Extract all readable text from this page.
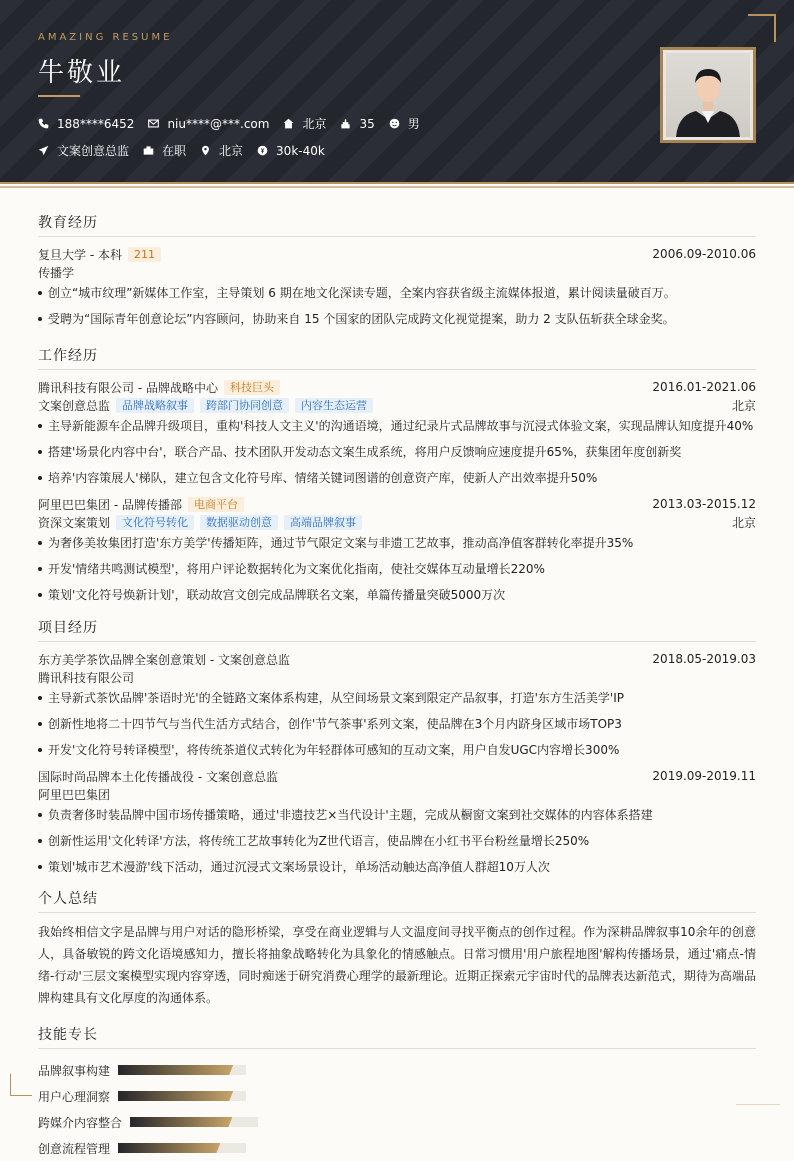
AMAZING RESUME
牛敬业
188****6452	niu****@***.com	北京	35	男
文案创意总监	在职	北京	30k-40k
教育经历
复旦大学 - 本科	211	2006.09-2010.06
传播学
创立“城市纹理”新媒体工作室，主导策划 6 期在地文化深读专题，全案内容获省级主流媒体报道，累计阅读量破百万。
受聘为“国际青年创意论坛”内容顾问，协助来自 15 个国家的团队完成跨文化视觉提案，助力 2 支队伍斩获全球金奖。
工作经历
腾讯科技有限公司 - 品牌战略中心	科技巨头	2016.01-2021.06
文案创意总监	品牌战略叙事	跨部门协同创意	内容生态运营	北京
主导新能源车企品牌升级项目，重构'科技人文主义'的沟通语境，通过纪录片式品牌故事与沉浸式体验文案，实现品牌认知度提升40%
搭建'场景化内容中台'，联合产品、技术团队开发动态文案生成系统，将用户反馈响应速度提升65%，获集团年度创新奖
培养'内容策展人'梯队，建立包含文化符号库、情绪关键词图谱的创意资产库，使新人产出效率提升50%
阿里巴巴集团 - 品牌传播部	电商平台	2013.03-2015.12
资深文案策划	文化符号转化	数据驱动创意	高端品牌叙事	北京
为奢侈美妆集团打造'东方美学'传播矩阵，通过节气限定文案与非遗工艺故事，推动高净值客群转化率提升35%
开发'情绪共鸣测试模型'，将用户评论数据转化为文案优化指南，使社交媒体互动量增长220%
策划'文化符号焕新计划'，联动故宫文创完成品牌联名文案，单篇传播量突破5000万次
项目经历
东方美学茶饮品牌全案创意策划 - 文案创意总监	2018.05-2019.03
腾讯科技有限公司
主导新式茶饮品牌'茶语时光'的全链路文案体系构建，从空间场景文案到限定产品叙事，打造'东方生活美学'IP
创新性地将二十四节气与当代生活方式结合，创作'节气茶事'系列文案，使品牌在3个月内跻身区域市场TOP3
开发'文化符号转译模型'，将传统茶道仪式转化为年轻群体可感知的互动文案，用户自发UGC内容增长300%
国际时尚品牌本土化传播战役 - 文案创意总监	2019.09-2019.11
阿里巴巴集团
负责奢侈时装品牌中国市场传播策略，通过'非遗技艺×当代设计'主题，完成从橱窗文案到社交媒体的内容体系搭建
创新性运用'文化转译'方法，将传统工艺故事转化为Z世代语言，使品牌在小红书平台粉丝量增长250%
策划'城市艺术漫游'线下活动，通过沉浸式文案场景设计，单场活动触达高净值人群超10万人次
个人总结
我始终相信文字是品牌与用户对话的隐形桥梁，享受在商业逻辑与人文温度间寻找平衡点的创作过程。作为深耕品牌叙事10余年的创意人，具备敏锐的跨文化语境感知力，擅长将抽象战略转化为具象化的情感触点。日常习惯用'用户旅程地图'解构传播场景，通过'痛点-情绪-行动'三层文案模型实现内容穿透，同时痴迷于研究消费心理学的最新理论。近期正探索元宇宙时代的品牌表达新范式，期待为高端品牌构建具有文化厚度的沟通体系。
技能专长
品牌叙事构建
用户心理洞察
跨媒介内容整合
创意流程管理
